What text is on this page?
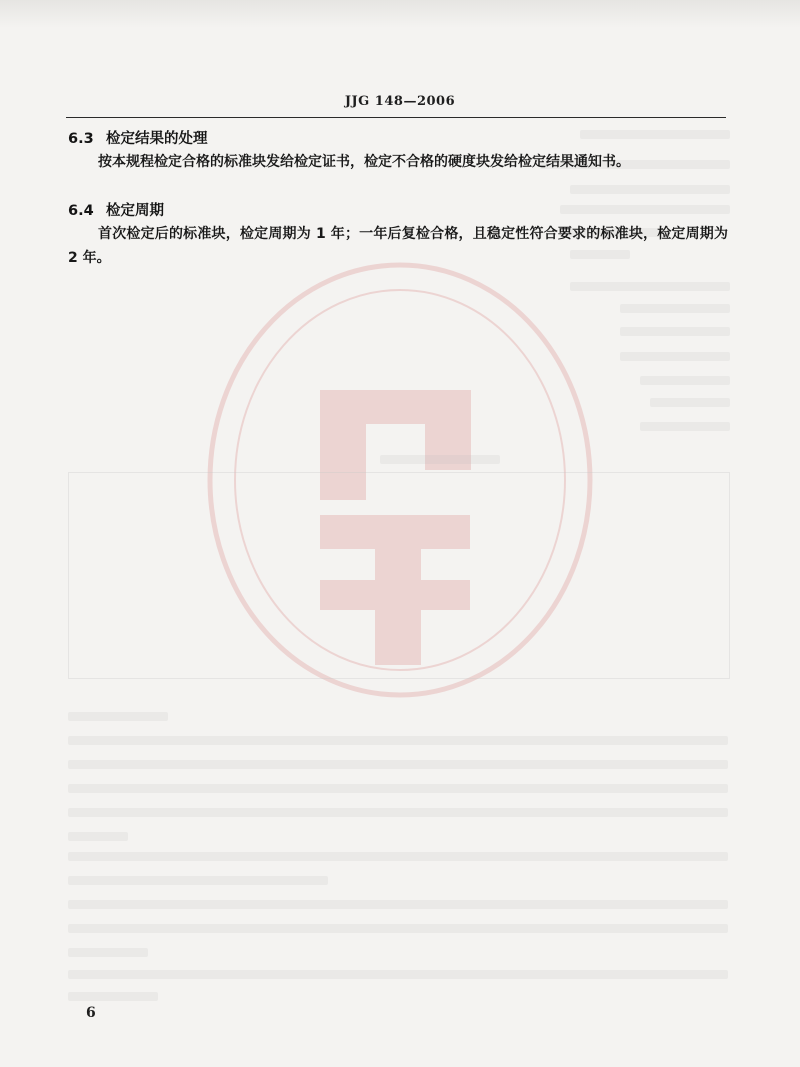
JJG 148—2006
6.3 检定结果的处理

按本规程检定合格的标准块发给检定证书，检定不合格的硬度块发给检定结果通知书。

6.4 检定周期

首次检定后的标准块，检定周期为 1 年；一年后复检合格，且稳定性符合要求的标准块，检定周期为 2 年。

6
